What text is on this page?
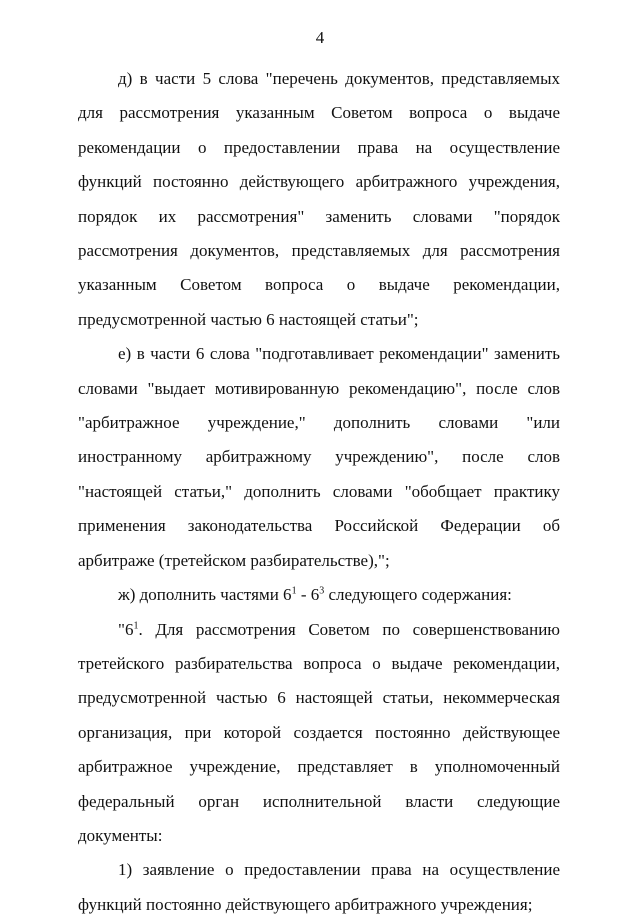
4

д) в части 5 слова "перечень документов, представляемых для рассмотрения указанным Советом вопроса о выдаче рекомендации о предоставлении права на осуществление функций постоянно действующего арбитражного учреждения, порядок их рассмотрения" заменить словами "порядок рассмотрения документов, представляемых для рассмотрения указанным Советом вопроса о выдаче рекомендации, предусмотренной частью 6 настоящей статьи";

е) в части 6 слова "подготавливает рекомендации" заменить словами "выдает мотивированную рекомендацию", после слов "арбитражное учреждение," дополнить словами "или иностранному арбитражному учреждению", после слов "настоящей статьи," дополнить словами "обобщает практику применения законодательства Российской Федерации об арбитраже (третейском разбирательстве),";

ж) дополнить частями $6^1 - 6^3$ следующего содержания:

"$6^1$. Для рассмотрения Советом по совершенствованию третейского разбирательства вопроса о выдаче рекомендации, предусмотренной частью 6 настоящей статьи, некоммерческая организация, при которой создается постоянно действующее арбитражное учреждение, представляет в уполномоченный федеральный орган исполнительной власти следующие документы:

1) заявление о предоставлении права на осуществление функций постоянно действующего арбитражного учреждения;
